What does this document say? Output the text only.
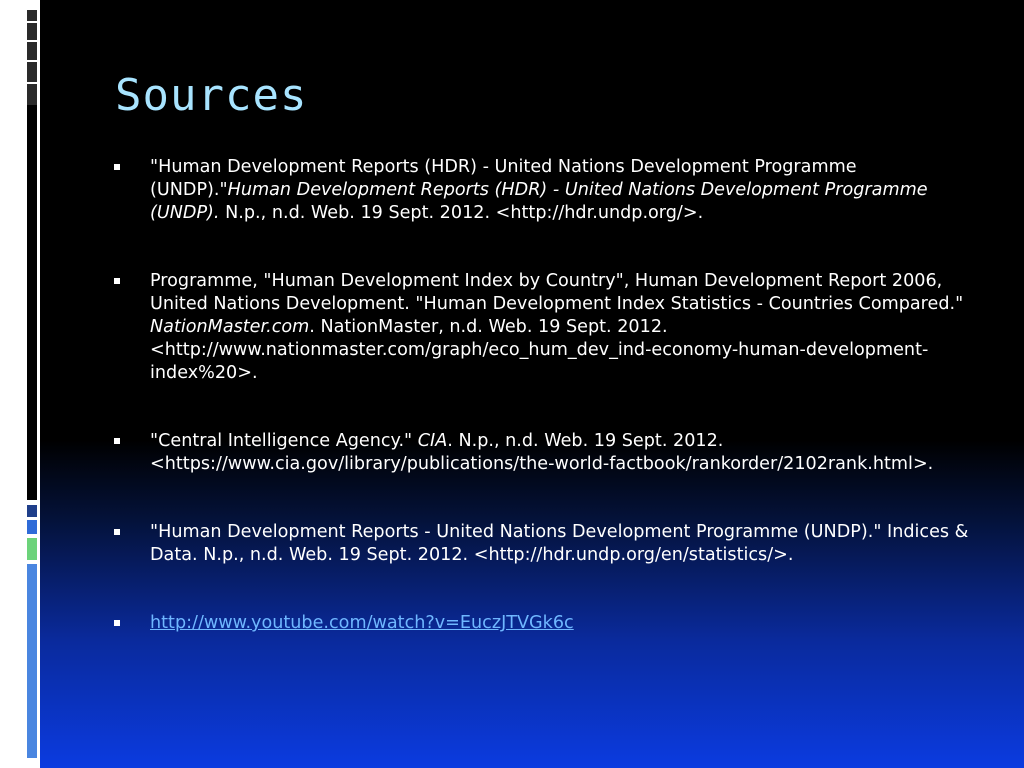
Sources
"Human Development Reports (HDR) - United Nations Development Programme (UNDP)."Human Development Reports (HDR) - United Nations Development Programme (UNDP). N.p., n.d. Web. 19 Sept. 2012. <http://hdr.undp.org/>.
Programme, "Human Development Index by Country", Human Development Report 2006, United Nations Development. "Human Development Index Statistics - Countries Compared." NationMaster.com. NationMaster, n.d. Web. 19 Sept. 2012. <http://www.nationmaster.com/graph/eco_hum_dev_ind-economy-human-development-index%20>.
"Central Intelligence Agency." CIA. N.p., n.d. Web. 19 Sept. 2012. <https://www.cia.gov/library/publications/the-world-factbook/rankorder/2102rank.html>.
"Human Development Reports - United Nations Development Programme (UNDP)." Indices & Data. N.p., n.d. Web. 19 Sept. 2012. <http://hdr.undp.org/en/statistics/>.
http://www.youtube.com/watch?v=EuczJTVGk6c
